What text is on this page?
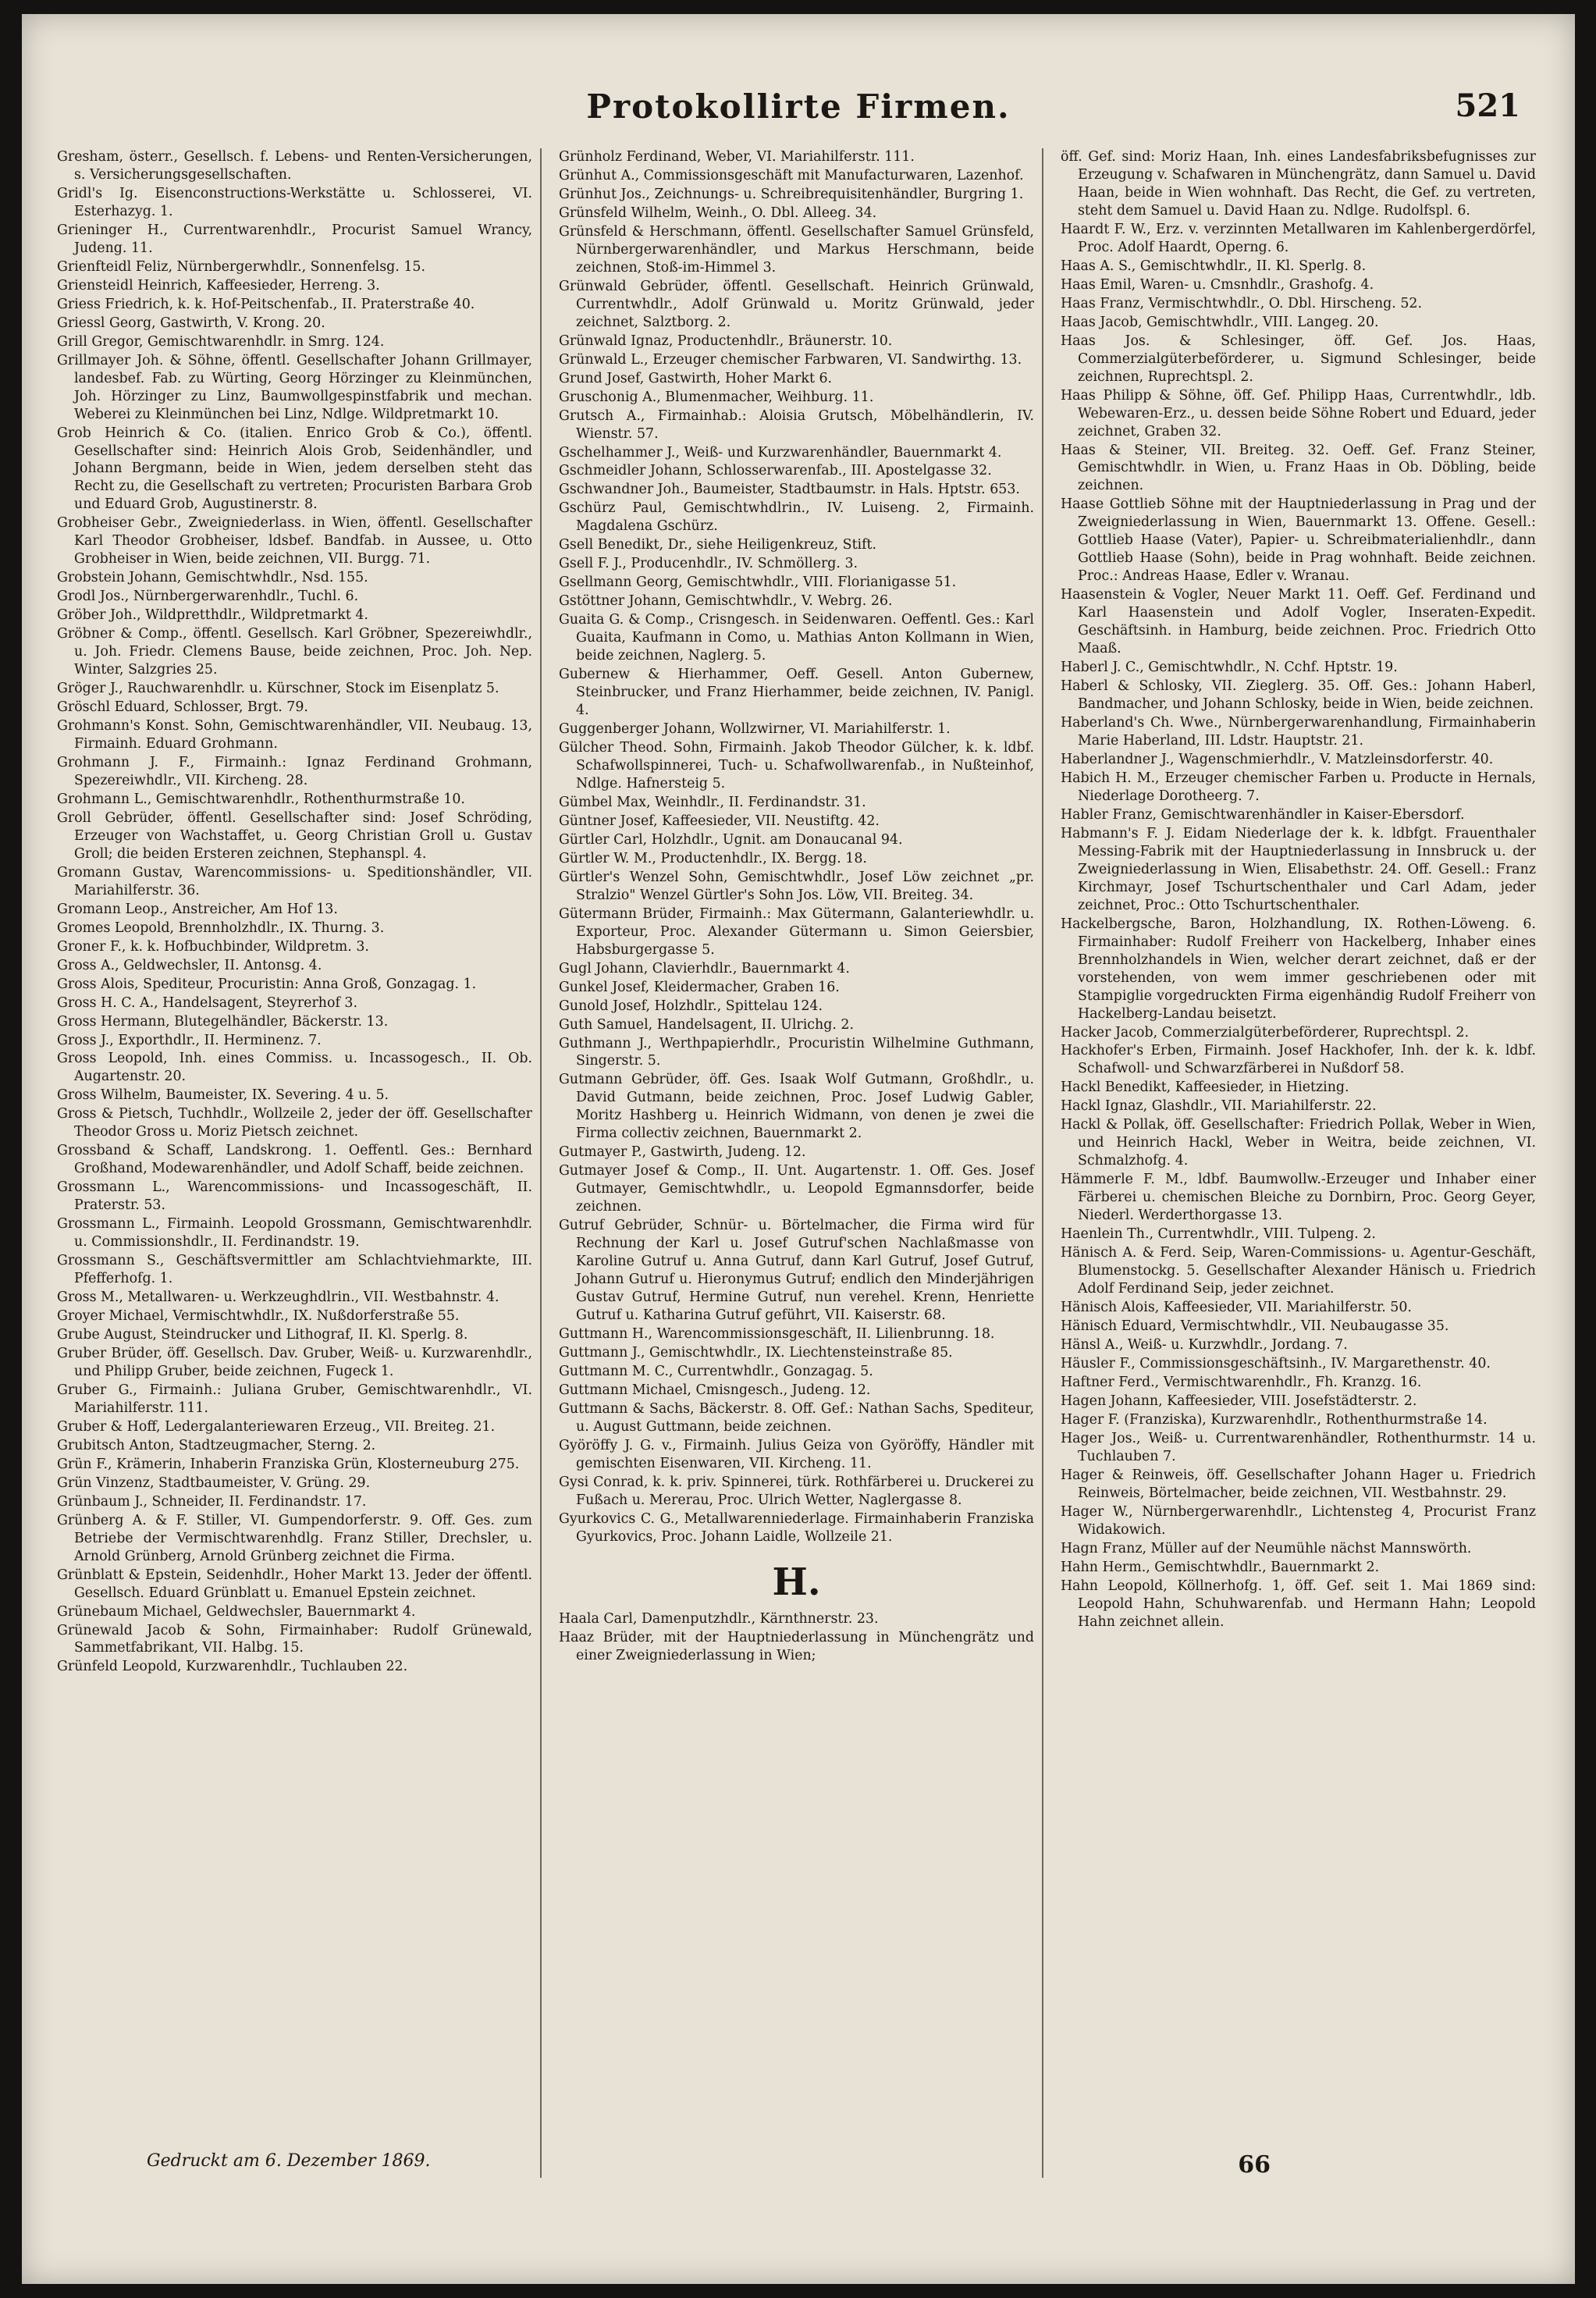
Protokollirte Firmen.	521

Gresham, österr., Gesellsch. f. Lebens- und Renten-Versicherungen, s. Versicherungsgesellschaften.

Gridl's Ig. Eisenconstructions-Werkstätte u. Schlosserei, VI. Esterhazyg. 1.

Grieninger H., Currentwarenhdlr., Procurist Samuel Wrancy, Judeng. 11.

Grienfteidl Feliz, Nürnbergerwhdlr., Sonnenfelsg. 15.

Griensteidl Heinrich, Kaffeesieder, Herreng. 3.

Griess Friedrich, k. k. Hof-Peitschenfab., II. Praterstraße 40.

Griessl Georg, Gastwirth, V. Krong. 20.

Grill Gregor, Gemischtwarenhdlr. in Smrg. 124.

Grillmayer Joh. & Söhne, öffentl. Gesellschafter Johann Grillmayer, landesbef. Fab. zu Würting, Georg Hörzinger zu Kleinmünchen, Joh. Hörzinger zu Linz, Baumwollgespinstfabrik und mechan. Weberei zu Kleinmünchen bei Linz, Ndlge. Wildpretmarkt 10.

Grob Heinrich & Co. (italien. Enrico Grob & Co.), öffentl. Gesellschafter sind: Heinrich Alois Grob, Seidenhändler, und Johann Bergmann, beide in Wien, jedem derselben steht das Recht zu, die Gesellschaft zu vertreten; Procuristen Barbara Grob und Eduard Grob, Augustinerstr. 8.

Grobheiser Gebr., Zweigniederlass. in Wien, öffentl. Gesellschafter Karl Theodor Grobheiser, ldsbef. Bandfab. in Aussee, u. Otto Grobheiser in Wien, beide zeichnen, VII. Burgg. 71.

Grobstein Johann, Gemischtwhdlr., Nsd. 155.

Grodl Jos., Nürnbergerwarenhdlr., Tuchl. 6.

Gröber Joh., Wildpretthdlr., Wildpretmarkt 4.

Gröbner & Comp., öffentl. Gesellsch. Karl Gröbner, Spezereiwhdlr., u. Joh. Friedr. Clemens Bause, beide zeichnen, Proc. Joh. Nep. Winter, Salzgries 25.

Gröger J., Rauchwarenhdlr. u. Kürschner, Stock im Eisenplatz 5.

Gröschl Eduard, Schlosser, Brgt. 79.

Grohmann's Konst. Sohn, Gemischtwarenhändler, VII. Neubaug. 13, Firmainh. Eduard Grohmann.

Grohmann J. F., Firmainh.: Ignaz Ferdinand Grohmann, Spezereiwhdlr., VII. Kircheng. 28.

Grohmann L., Gemischtwarenhdlr., Rothenthurmstraße 10.

Groll Gebrüder, öffentl. Gesellschafter sind: Josef Schröding, Erzeuger von Wachstaffet, u. Georg Christian Groll u. Gustav Groll; die beiden Ersteren zeichnen, Stephanspl. 4.

Gromann Gustav, Warencommissions- u. Speditionshändler, VII. Mariahilferstr. 36.

Gromann Leop., Anstreicher, Am Hof 13.

Gromes Leopold, Brennholzhdlr., IX. Thurng. 3.

Groner F., k. k. Hofbuchbinder, Wildpretm. 3.

Gross A., Geldwechsler, II. Antonsg. 4.

Gross Alois, Spediteur, Procuristin: Anna Groß, Gonzagag. 1.

Gross H. C. A., Handelsagent, Steyrerhof 3.

Gross Hermann, Blutegelhändler, Bäckerstr. 13.

Gross J., Exporthdlr., II. Herminenz. 7.

Gross Leopold, Inh. eines Commiss. u. Incassogesch., II. Ob. Augartenstr. 20.

Gross Wilhelm, Baumeister, IX. Severing. 4 u. 5.

Gross & Pietsch, Tuchhdlr., Wollzeile 2, jeder der öff. Gesellschafter Theodor Gross u. Moriz Pietsch zeichnet.

Grossband & Schaff, Landskrong. 1. Oeffentl. Ges.: Bernhard Großhand, Modewarenhändler, und Adolf Schaff, beide zeichnen.

Grossmann L., Warencommissions- und Incassogeschäft, II. Praterstr. 53.

Grossmann L., Firmainh. Leopold Grossmann, Gemischtwarenhdlr. u. Commissionshdlr., II. Ferdinandstr. 19.

Grossmann S., Geschäftsvermittler am Schlachtviehmarkte, III. Pfefferhofg. 1.

Gross M., Metallwaren- u. Werkzeughdlrin., VII. Westbahnstr. 4.

Groyer Michael, Vermischtwhdlr., IX. Nußdorferstraße 55.

Grube August, Steindrucker und Lithograf, II. Kl. Sperlg. 8.

Gruber Brüder, öff. Gesellsch. Dav. Gruber, Weiß- u. Kurzwarenhdlr., und Philipp Gruber, beide zeichnen, Fugeck 1.

Gruber G., Firmainh.: Juliana Gruber, Gemischtwarenhdlr., VI. Mariahilferstr. 111.

Gruber & Hoff, Ledergalanteriewaren Erzeug., VII. Breiteg. 21.

Grubitsch Anton, Stadtzeugmacher, Sterng. 2.

Grün F., Krämerin, Inhaberin Franziska Grün, Klosterneuburg 275.

Grün Vinzenz, Stadtbaumeister, V. Grüng. 29.

Grünbaum J., Schneider, II. Ferdinandstr. 17.

Grünberg A. & F. Stiller, VI. Gumpendorferstr. 9. Off. Ges. zum Betriebe der Vermischtwarenhdlg. Franz Stiller, Drechsler, u. Arnold Grünberg, Arnold Grünberg zeichnet die Firma.

Grünblatt & Epstein, Seidenhdlr., Hoher Markt 13. Jeder der öffentl. Gesellsch. Eduard Grünblatt u. Emanuel Epstein zeichnet.

Grünebaum Michael, Geldwechsler, Bauernmarkt 4.

Grünewald Jacob & Sohn, Firmainhaber: Rudolf Grünewald, Sammetfabrikant, VII. Halbg. 15.

Grünfeld Leopold, Kurzwarenhdlr., Tuchlauben 22.

Grünholz Ferdinand, Weber, VI. Mariahilferstr. 111.

Grünhut A., Commissionsgeschäft mit Manufacturwaren, Lazenhof.

Grünhut Jos., Zeichnungs- u. Schreibrequisitenhändler, Burgring 1.

Grünsfeld Wilhelm, Weinh., O. Dbl. Alleeg. 34.

Grünsfeld & Herschmann, öffentl. Gesellschafter Samuel Grünsfeld, Nürnbergerwarenhändler, und Markus Herschmann, beide zeichnen, Stoß-im-Himmel 3.

Grünwald Gebrüder, öffentl. Gesellschaft. Heinrich Grünwald, Currentwhdlr., Adolf Grünwald u. Moritz Grünwald, jeder zeichnet, Salztborg. 2.

Grünwald Ignaz, Productenhdlr., Bräunerstr. 10.

Grünwald L., Erzeuger chemischer Farbwaren, VI. Sandwirthg. 13.

Grund Josef, Gastwirth, Hoher Markt 6.

Gruschonig A., Blumenmacher, Weihburg. 11.

Grutsch A., Firmainhab.: Aloisia Grutsch, Möbelhändlerin, IV. Wienstr. 57.

Gschelhammer J., Weiß- und Kurzwarenhändler, Bauernmarkt 4.

Gschmeidler Johann, Schlosserwarenfab., III. Apostelgasse 32.

Gschwandner Joh., Baumeister, Stadtbaumstr. in Hals. Hptstr. 653.

Gschürz Paul, Gemischtwhdlrin., IV. Luiseng. 2, Firmainh. Magdalena Gschürz.

Gsell Benedikt, Dr., siehe Heiligenkreuz, Stift.

Gsell F. J., Producenhdlr., IV. Schmöllerg. 3.

Gsellmann Georg, Gemischtwhdlr., VIII. Florianigasse 51.

Gstöttner Johann, Gemischtwhdlr., V. Webrg. 26.

Guaita G. & Comp., Crisngesch. in Seidenwaren. Oeffentl. Ges.: Karl Guaita, Kaufmann in Como, u. Mathias Anton Kollmann in Wien, beide zeichnen, Naglerg. 5.

Gubernew & Hierhammer, Oeff. Gesell. Anton Gubernew, Steinbrucker, und Franz Hierhammer, beide zeichnen, IV. Panigl. 4.

Guggenberger Johann, Wollzwirner, VI. Mariahilferstr. 1.

Gülcher Theod. Sohn, Firmainh. Jakob Theodor Gülcher, k. k. ldbf. Schafwollspinnerei, Tuch- u. Schafwollwarenfab., in Nußteinhof, Ndlge. Hafnersteig 5.

Gümbel Max, Weinhdlr., II. Ferdinandstr. 31.

Güntner Josef, Kaffeesieder, VII. Neustiftg. 42.

Gürtler Carl, Holzhdlr., Ugnit. am Donaucanal 94.

Gürtler W. M., Productenhdlr., IX. Bergg. 18.

Gürtler's Wenzel Sohn, Gemischtwhdlr., Josef Löw zeichnet „pr. Stralzio" Wenzel Gürtler's Sohn Jos. Löw, VII. Breiteg. 34.

Gütermann Brüder, Firmainh.: Max Gütermann, Galanteriewhdlr. u. Exporteur, Proc. Alexander Gütermann u. Simon Geiersbier, Habsburgergasse 5.

Gugl Johann, Clavierhdlr., Bauernmarkt 4.

Gunkel Josef, Kleidermacher, Graben 16.

Gunold Josef, Holzhdlr., Spittelau 124.

Guth Samuel, Handelsagent, II. Ulrichg. 2.

Guthmann J., Werthpapierhdlr., Procuristin Wilhelmine Guthmann, Singerstr. 5.

Gutmann Gebrüder, öff. Ges. Isaak Wolf Gutmann, Großhdlr., u. David Gutmann, beide zeichnen, Proc. Josef Ludwig Gabler, Moritz Hashberg u. Heinrich Widmann, von denen je zwei die Firma collectiv zeichnen, Bauernmarkt 2.

Gutmayer P., Gastwirth, Judeng. 12.

Gutmayer Josef & Comp., II. Unt. Augartenstr. 1. Off. Ges. Josef Gutmayer, Gemischtwhdlr., u. Leopold Egmannsdorfer, beide zeichnen.

Gutruf Gebrüder, Schnür- u. Börtelmacher, die Firma wird für Rechnung der Karl u. Josef Gutruf'schen Nachlaßmasse von Karoline Gutruf u. Anna Gutruf, dann Karl Gutruf, Josef Gutruf, Johann Gutruf u. Hieronymus Gutruf; endlich den Minderjährigen Gustav Gutruf, Hermine Gutruf, nun verehel. Krenn, Henriette Gutruf u. Katharina Gutruf geführt, VII. Kaiserstr. 68.

Guttmann H., Warencommissionsgeschäft, II. Lilienbrunng. 18.

Guttmann J., Gemischtwhdlr., IX. Liechtensteinstraße 85.

Guttmann M. C., Currentwhdlr., Gonzagag. 5.

Guttmann Michael, Cmisngesch., Judeng. 12.

Guttmann & Sachs, Bäckerstr. 8. Off. Gef.: Nathan Sachs, Spediteur, u. August Guttmann, beide zeichnen.

Györöffy J. G. v., Firmainh. Julius Geiza von Györöffy, Händler mit gemischten Eisenwaren, VII. Kircheng. 11.

Gysi Conrad, k. k. priv. Spinnerei, türk. Rothfärberei u. Druckerei zu Fußach u. Mererau, Proc. Ulrich Wetter, Naglergasse 8.

Gyurkovics C. G., Metallwarenniederlage. Firmainhaberin Franziska Gyurkovics, Proc. Johann Laidle, Wollzeile 21.

H.

Haala Carl, Damenputzhdlr., Kärnthnerstr. 23.

Haaz Brüder, mit der Hauptniederlassung in Münchengrätz und einer Zweigniederlassung in Wien;

öff. Gef. sind: Moriz Haan, Inh. eines Landesfabriksbefugnisses zur Erzeugung v. Schafwaren in Münchengrätz, dann Samuel u. David Haan, beide in Wien wohnhaft. Das Recht, die Gef. zu vertreten, steht dem Samuel u. David Haan zu. Ndlge. Rudolfspl. 6.

Haardt F. W., Erz. v. verzinnten Metallwaren im Kahlenbergerdörfel, Proc. Adolf Haardt, Operng. 6.

Haas A. S., Gemischtwhdlr., II. Kl. Sperlg. 8.

Haas Emil, Waren- u. Cmsnhdlr., Grashofg. 4.

Haas Franz, Vermischtwhdlr., O. Dbl. Hirscheng. 52.

Haas Jacob, Gemischtwhdlr., VIII. Langeg. 20.

Haas Jos. & Schlesinger, öff. Gef. Jos. Haas, Commerzialgüterbeförderer, u. Sigmund Schlesinger, beide zeichnen, Ruprechtspl. 2.

Haas Philipp & Söhne, öff. Gef. Philipp Haas, Currentwhdlr., ldb. Webewaren-Erz., u. dessen beide Söhne Robert und Eduard, jeder zeichnet, Graben 32.

Haas & Steiner, VII. Breiteg. 32. Oeff. Gef. Franz Steiner, Gemischtwhdlr. in Wien, u. Franz Haas in Ob. Döbling, beide zeichnen.

Haase Gottlieb Söhne mit der Hauptniederlassung in Prag und der Zweigniederlassung in Wien, Bauernmarkt 13. Offene. Gesell.: Gottlieb Haase (Vater), Papier- u. Schreibmaterialienhdlr., dann Gottlieb Haase (Sohn), beide in Prag wohnhaft. Beide zeichnen. Proc.: Andreas Haase, Edler v. Wranau.

Haasenstein & Vogler, Neuer Markt 11. Oeff. Gef. Ferdinand und Karl Haasenstein und Adolf Vogler, Inseraten-Expedit. Geschäftsinh. in Hamburg, beide zeichnen. Proc. Friedrich Otto Maaß.

Haberl J. C., Gemischtwhdlr., N. Cchf. Hptstr. 19.

Haberl & Schlosky, VII. Zieglerg. 35. Off. Ges.: Johann Haberl, Bandmacher, und Johann Schlosky, beide in Wien, beide zeichnen.

Haberland's Ch. Wwe., Nürnbergerwarenhandlung, Firmainhaberin Marie Haberland, III. Ldstr. Hauptstr. 21.

Haberlandner J., Wagenschmierhdlr., V. Matzleinsdorferstr. 40.

Habich H. M., Erzeuger chemischer Farben u. Producte in Hernals, Niederlage Dorotheerg. 7.

Habler Franz, Gemischtwarenhändler in Kaiser-Ebersdorf.

Habmann's F. J. Eidam Niederlage der k. k. ldbfgt. Frauenthaler Messing-Fabrik mit der Hauptniederlassung in Innsbruck u. der Zweigniederlassung in Wien, Elisabethstr. 24. Off. Gesell.: Franz Kirchmayr, Josef Tschurtschenthaler und Carl Adam, jeder zeichnet, Proc.: Otto Tschurtschenthaler.

Hackelbergsche, Baron, Holzhandlung, IX. Rothen-Löweng. 6. Firmainhaber: Rudolf Freiherr von Hackelberg, Inhaber eines Brennholzhandels in Wien, welcher derart zeichnet, daß er der vorstehenden, von wem immer geschriebenen oder mit Stampiglie vorgedruckten Firma eigenhändig Rudolf Freiherr von Hackelberg-Landau beisetzt.

Hacker Jacob, Commerzialgüterbeförderer, Ruprechtspl. 2.

Hackhofer's Erben, Firmainh. Josef Hackhofer, Inh. der k. k. ldbf. Schafwoll- und Schwarzfärberei in Nußdorf 58.

Hackl Benedikt, Kaffeesieder, in Hietzing.

Hackl Ignaz, Glashdlr., VII. Mariahilferstr. 22.

Hackl & Pollak, öff. Gesellschafter: Friedrich Pollak, Weber in Wien, und Heinrich Hackl, Weber in Weitra, beide zeichnen, VI. Schmalzhofg. 4.

Hämmerle F. M., ldbf. Baumwollw.-Erzeuger und Inhaber einer Färberei u. chemischen Bleiche zu Dornbirn, Proc. Georg Geyer, Niederl. Werderthorgasse 13.

Haenlein Th., Currentwhdlr., VIII. Tulpeng. 2.

Hänisch A. & Ferd. Seip, Waren-Commissions- u. Agentur-Geschäft, Blumenstockg. 5. Gesellschafter Alexander Hänisch u. Friedrich Adolf Ferdinand Seip, jeder zeichnet.

Hänisch Alois, Kaffeesieder, VII. Mariahilferstr. 50.

Hänisch Eduard, Vermischtwhdlr., VII. Neubaugasse 35.

Hänsl A., Weiß- u. Kurzwhdlr., Jordang. 7.

Häusler F., Commissionsgeschäftsinh., IV. Margarethenstr. 40.

Haftner Ferd., Vermischtwarenhdlr., Fh. Kranzg. 16.

Hagen Johann, Kaffeesieder, VIII. Josefstädterstr. 2.

Hager F. (Franziska), Kurzwarenhdlr., Rothenthurmstraße 14.

Hager Jos., Weiß- u. Currentwarenhändler, Rothenthurmstr. 14 u. Tuchlauben 7.

Hager & Reinweis, öff. Gesellschafter Johann Hager u. Friedrich Reinweis, Börtelmacher, beide zeichnen, VII. Westbahnstr. 29.

Hager W., Nürnbergerwarenhdlr., Lichtensteg 4, Procurist Franz Widakowich.

Hagn Franz, Müller auf der Neumühle nächst Mannswörth.

Hahn Herm., Gemischtwhdlr., Bauernmarkt 2.

Hahn Leopold, Köllnerhofg. 1, öff. Gef. seit 1. Mai 1869 sind: Leopold Hahn, Schuhwarenfab. und Hermann Hahn; Leopold Hahn zeichnet allein.

Gedruckt am 6. Dezember 1869.	66
